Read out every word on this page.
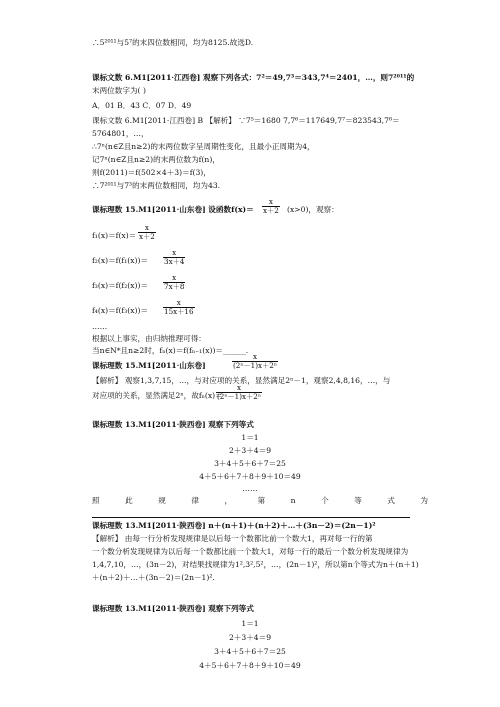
∴5²⁰¹¹与5⁷的末四位数相同，均为8125.故选D.
课标文数 6.M1[2011·江西卷] 观察下列各式：7²＝49,7³＝343,7⁴＝2401，…，则7²⁰¹¹的
末两位数字为( )
A．01 B．43 C．07 D．49
课标文数 6.M1[2011·江西卷] B 【解析】 ∵7⁵＝1680 7,7⁶＝117649,7⁷＝823543,7⁸＝
5764801，…，
∴7ⁿ(n∈Z且n≥2)的末两位数字呈周期性变化，且最小正周期为4，
记7ⁿ(n∈Z且n≥2)的末两位数为f(n)，
则f(2011)＝f(502×4＋3)＝f(3)，
∴7²⁰¹¹与7³的末两位数相同，均为43.
课标理数 15.M1[2011·山东卷] 设函数$f(x)= \frac{x}{x+2} (x>0)$，观察：
$f_1(x)=f(x)= \frac{x}{x+2}$
$f_2(x)=f(f_1(x))= \frac{x}{3x+4}$
$f_3(x)=f(f_2(x))= \frac{x}{7x+8}$
$f_4(x)=f(f_3(x))= \frac{x}{15x+16}$
……
根据以上事实，由归纳推理可得：
当n∈N*且n≥2时，fₙ(x)＝f(fₙ₋₁(x))＝______.
课标理数 15.M1[2011·山东卷]	$\frac{x}{\text{(2ⁿ－1)x＋2ⁿ}}$
【解析】 观察1,3,7,15，…，与对应项的关系，显然满足2ⁿ－1，观察2,4,8,16，…，与
对应项的关系，显然满足2ⁿ，故fₙ(x)＝
$\frac{x}{\text{(2ⁿ－1)x＋2ⁿ}}$
课标理数 13.M1[2011·陕西卷] 观察下列等式
1＝1
2＋3＋4＝9
3＋4＋5＋6＋7＝25
4＋5＋6＋7＋8＋9＋10＝49
……
照	此	规	律	，	第	n	个	等	式	为
课标理数 13.M1[2011·陕西卷] n＋(n＋1)＋(n＋2)＋…＋(3n－2)＝(2n－1)²
【解析】 由每一行分析发现规律是以后每一个数都比前一个数大1，再对每一行的第
一个数分析发现规律为以后每一个数都比前一个数大1，对每一行的最后一个数分析发现规律为
1,4,7,10，…，(3n－2)，对结果找规律为1²,3²,5²，…，(2n－1)²，所以第n个等式为n＋(n＋1)
＋(n＋2)＋…＋(3n－2)＝(2n－1)².
课标理数 13.M1[2011·陕西卷] 观察下列等式
1＝1
2＋3＋4＝9
3＋4＋5＋6＋7＝25
4＋5＋6＋7＋8＋9＋10＝49
